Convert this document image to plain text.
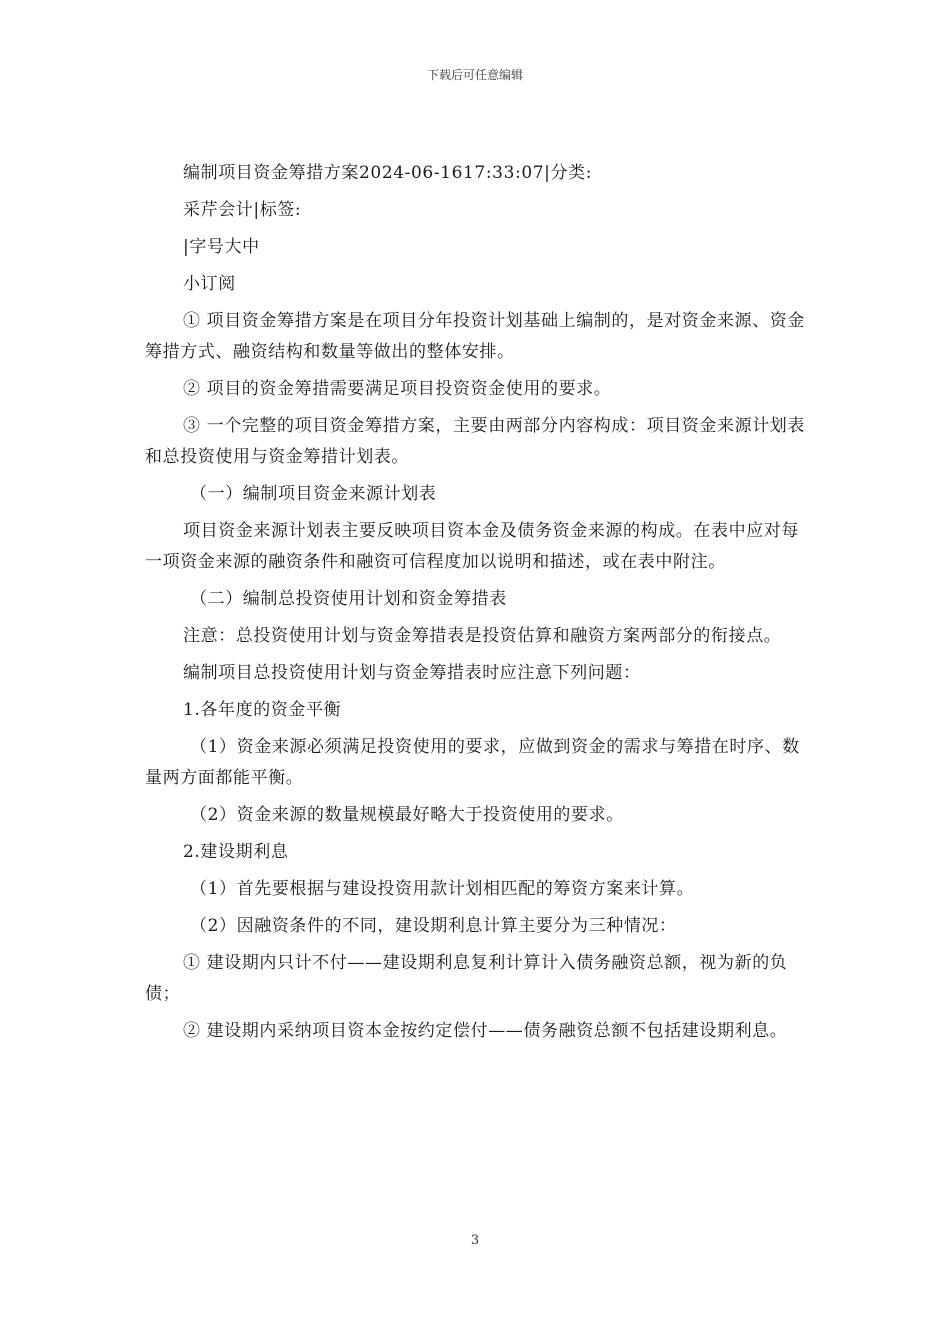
下载后可任意编辑

编制项目资金筹措方案2024-06-1617:33:07|分类:

采芹会计|标签:

|字号大中

小订阅

① 项目资金筹措方案是在项目分年投资计划基础上编制的，是对资金来源、资金筹措方式、融资结构和数量等做出的整体安排。

② 项目的资金筹措需要满足项目投资资金使用的要求。

③ 一个完整的项目资金筹措方案，主要由两部分内容构成：项目资金来源计划表和总投资使用与资金筹措计划表。

（一）编制项目资金来源计划表

项目资金来源计划表主要反映项目资本金及债务资金来源的构成。在表中应对每一项资金来源的融资条件和融资可信程度加以说明和描述，或在表中附注。

（二）编制总投资使用计划和资金筹措表

注意：总投资使用计划与资金筹措表是投资估算和融资方案两部分的衔接点。

编制项目总投资使用计划与资金筹措表时应注意下列问题：

1.各年度的资金平衡

（1）资金来源必须满足投资使用的要求，应做到资金的需求与筹措在时序、数量两方面都能平衡。

（2）资金来源的数量规模最好略大于投资使用的要求。

2.建设期利息

（1）首先要根据与建设投资用款计划相匹配的筹资方案来计算。

（2）因融资条件的不同，建设期利息计算主要分为三种情况：

① 建设期内只计不付——建设期利息复利计算计入债务融资总额，视为新的负债；

② 建设期内采纳项目资本金按约定偿付——债务融资总额不包括建设期利息。

3
